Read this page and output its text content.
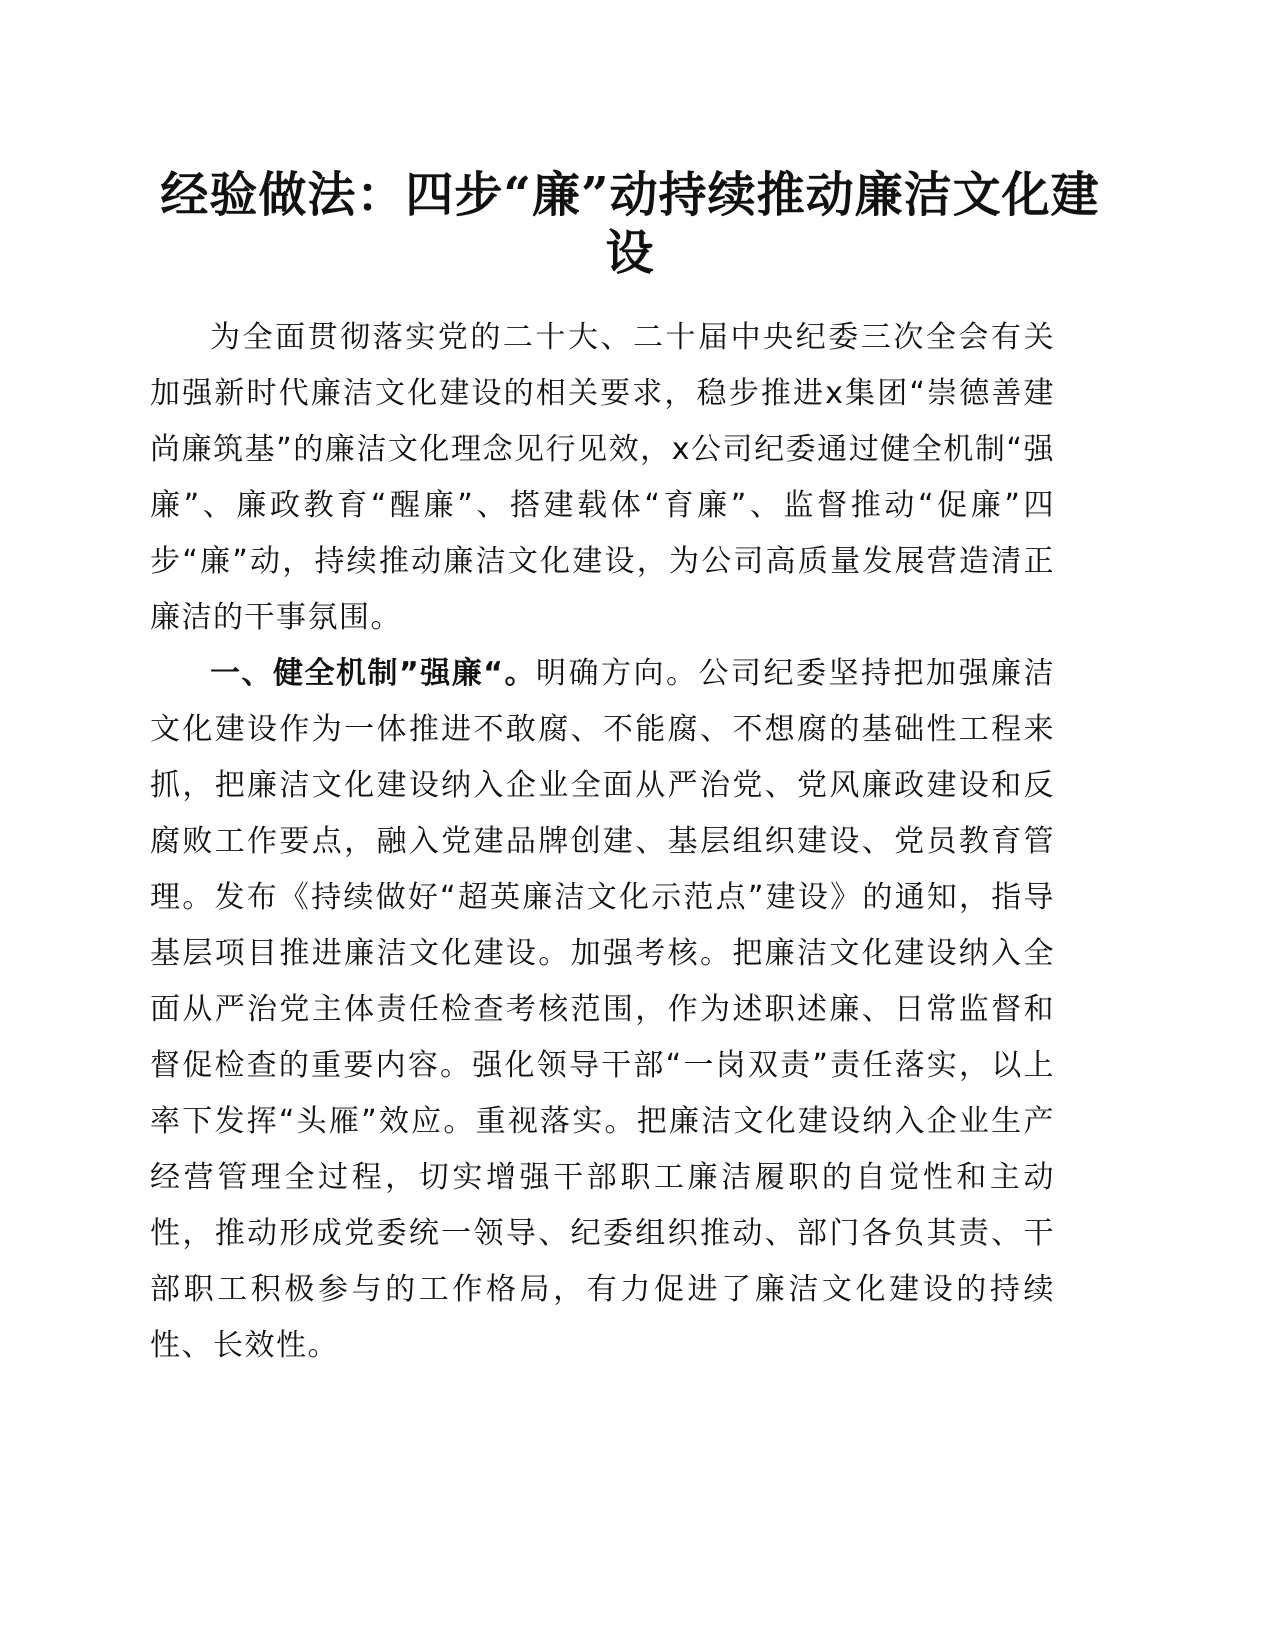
经验做法：四步“廉”动持续推动廉洁文化建设

为全面贯彻落实党的二十大、二十届中央纪委三次全会有关加强新时代廉洁文化建设的相关要求，稳步推进x集团“崇德善建尚廉筑基”的廉洁文化理念见行见效，x公司纪委通过健全机制“强廉”、廉政教育“醒廉”、搭建载体“育廉”、监督推动“促廉”四步“廉”动，持续推动廉洁文化建设，为公司高质量发展营造清正廉洁的干事氛围。

一、健全机制”强廉“。明确方向。公司纪委坚持把加强廉洁文化建设作为一体推进不敢腐、不能腐、不想腐的基础性工程来抓，把廉洁文化建设纳入企业全面从严治党、党风廉政建设和反腐败工作要点，融入党建品牌创建、基层组织建设、党员教育管理。发布《持续做好“超英廉洁文化示范点”建设》的通知，指导基层项目推进廉洁文化建设。加强考核。把廉洁文化建设纳入全面从严治党主体责任检查考核范围，作为述职述廉、日常监督和督促检查的重要内容。强化领导干部“一岗双责”责任落实，以上率下发挥“头雁”效应。重视落实。把廉洁文化建设纳入企业生产经营管理全过程，切实增强干部职工廉洁履职的自觉性和主动性，推动形成党委统一领导、纪委组织推动、部门各负其责、干部职工积极参与的工作格局，有力促进了廉洁文化建设的持续性、长效性。
